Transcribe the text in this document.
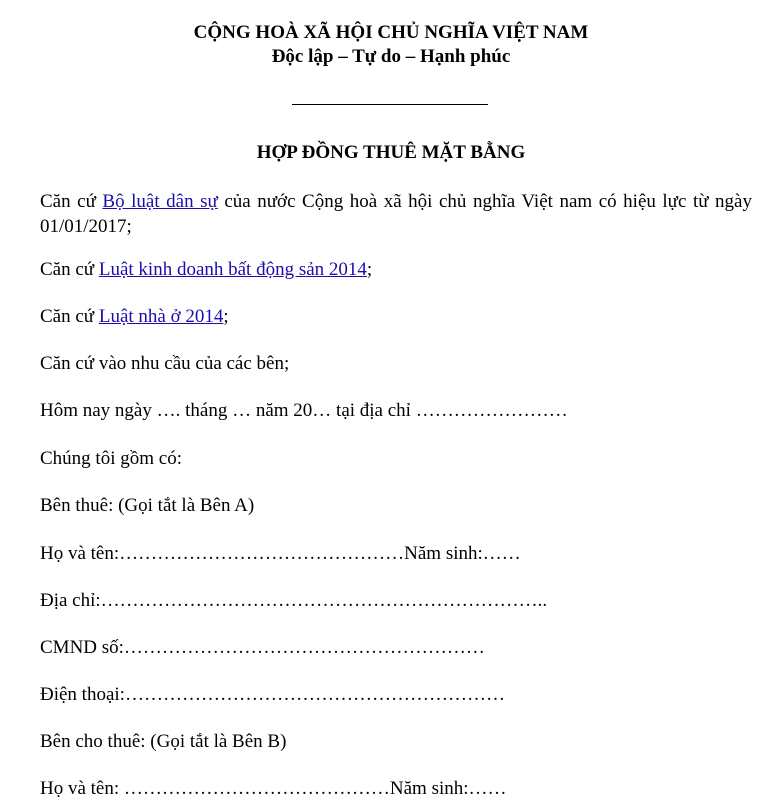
CỘNG HOÀ XÃ HỘI CHỦ NGHĨA VIỆT NAM
Độc lập – Tự do – Hạnh phúc
HỢP ĐỒNG THUÊ MẶT BẰNG
Căn cứ Bộ luật dân sự của nước Cộng hoà xã hội chủ nghĩa Việt nam có hiệu lực từ ngày 01/01/2017;
Căn cứ Luật kinh doanh bất động sản 2014;
Căn cứ Luật nhà ở 2014;
Căn cứ vào nhu cầu của các bên;
Hôm nay ngày …. tháng … năm 20… tại địa chỉ ……………………
Chúng tôi gồm có:
Bên thuê: (Gọi tắt là Bên A)
Họ và tên:………………………………………Năm sinh:……
Địa chỉ:……………………………………………………………..
CMND số:…………………………………………………
Điện thoại:……………………………………………………
Bên cho thuê: (Gọi tắt là Bên B)
Họ và tên: ……………………………………Năm sinh:……
